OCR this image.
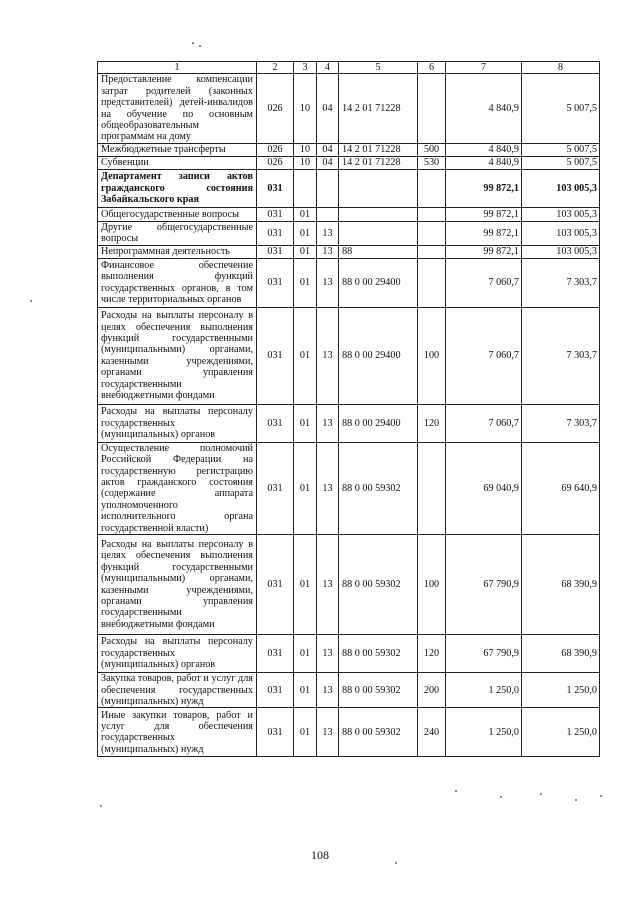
1	2	3	4	5	6	7	8
Предоставление компенсации затрат родителей (законных представителей) детей-инвалидов на обучение по основным общеобразовательным программам на дому	026	10	04	14 2 01 71228		4 840,9	5 007,5
Межбюджетные трансферты	026	10	04	14 2 01 71228	500	4 840,9	5 007,5
Субвенции	026	10	04	14 2 01 71228	530	4 840,9	5 007,5
Департамент записи актов гражданского состояния Забайкальского края	031					99 872,1	103 005,3
Общегосударственные вопросы	031	01				99 872,1	103 005,3
Другие общегосударственные вопросы	031	01	13			99 872,1	103 005,3
Непрограммная деятельность	031	01	13	88		99 872,1	103 005,3
Финансовое обеспечение выполнения функций государственных органов, в том числе территориальных органов	031	01	13	88 0 00 29400		7 060,7	7 303,7
Расходы на выплаты персоналу в целях обеспечения выполнения функций государственными (муниципальными) органами, казенными учреждениями, органами управления государственными внебюджетными фондами	031	01	13	88 0 00 29400	100	7 060,7	7 303,7
Расходы на выплаты персоналу государственных (муниципальных) органов	031	01	13	88 0 00 29400	120	7 060,7	7 303,7
Осуществление полномочий Российской Федерации на государственную регистрацию актов гражданского состояния (содержание аппарата уполномоченного исполнительного органа государственной власти)	031	01	13	88 0 00 59302		69 040,9	69 640,9
Расходы на выплаты персоналу в целях обеспечения выполнения функций государственными (муниципальными) органами, казенными учреждениями, органами управления государственными внебюджетными фондами	031	01	13	88 0 00 59302	100	67 790,9	68 390,9
Расходы на выплаты персоналу государственных (муниципальных) органов	031	01	13	88 0 00 59302	120	67 790,9	68 390,9
Закупка товаров, работ и услуг для обеспечения государственных (муниципальных) нужд	031	01	13	88 0 00 59302	200	1 250,0	1 250,0
Иные закупки товаров, работ и услуг для обеспечения государственных (муниципальных) нужд	031	01	13	88 0 00 59302	240	1 250,0	1 250,0
108
